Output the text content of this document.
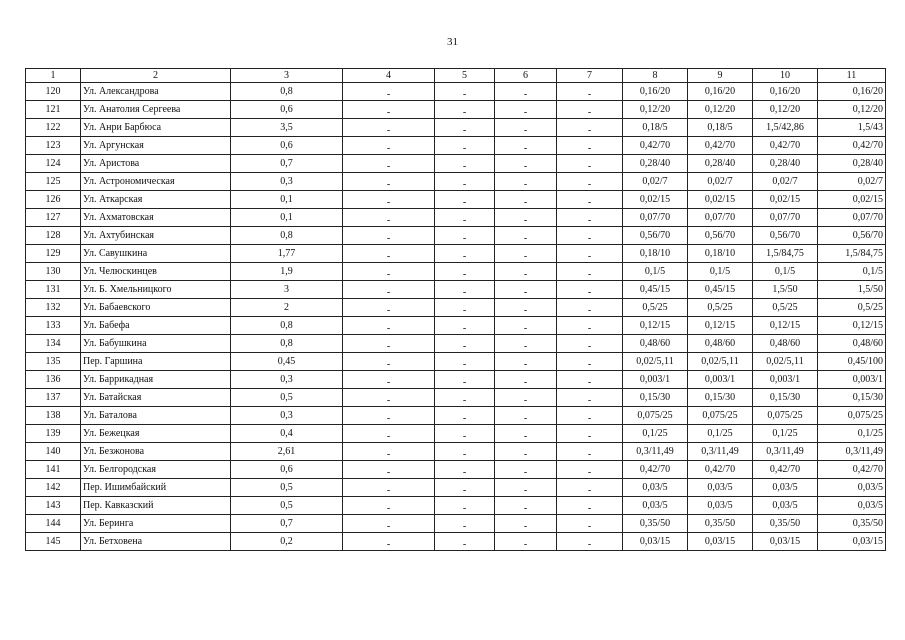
31
1	2	3	4	5	6	7	8	9	10	11
120	Ул. Александрова	0,8	-	-	-	-	0,16/20	0,16/20	0,16/20	0,16/20
121	Ул. Анатолия Сергеева	0,6	-	-	-	-	0,12/20	0,12/20	0,12/20	0,12/20
122	Ул. Анри Барбюса	3,5	-	-	-	-	0,18/5	0,18/5	1,5/42,86	1,5/43
123	Ул. Аргунская	0,6	-	-	-	-	0,42/70	0,42/70	0,42/70	0,42/70
124	Ул. Аристова	0,7	-	-	-	-	0,28/40	0,28/40	0,28/40	0,28/40
125	Ул. Астрономическая	0,3	-	-	-	-	0,02/7	0,02/7	0,02/7	0,02/7
126	Ул. Аткарская	0,1	-	-	-	-	0,02/15	0,02/15	0,02/15	0,02/15
127	Ул. Ахматовская	0,1	-	-	-	-	0,07/70	0,07/70	0,07/70	0,07/70
128	Ул. Ахтубинская	0,8	-	-	-	-	0,56/70	0,56/70	0,56/70	0,56/70
129	Ул. Савушкина	1,77	-	-	-	-	0,18/10	0,18/10	1,5/84,75	1,5/84,75
130	Ул. Челюскинцев	1,9	-	-	-	-	0,1/5	0,1/5	0,1/5	0,1/5
131	Ул. Б. Хмельницкого	3	-	-	-	-	0,45/15	0,45/15	1,5/50	1,5/50
132	Ул. Бабаевского	2	-	-	-	-	0,5/25	0,5/25	0,5/25	0,5/25
133	Ул. Бабефа	0,8	-	-	-	-	0,12/15	0,12/15	0,12/15	0,12/15
134	Ул. Бабушкина	0,8	-	-	-	-	0,48/60	0,48/60	0,48/60	0,48/60
135	Пер. Гаршина	0,45	-	-	-	-	0,02/5,11	0,02/5,11	0,02/5,11	0,45/100
136	Ул. Баррикадная	0,3	-	-	-	-	0,003/1	0,003/1	0,003/1	0,003/1
137	Ул. Батайская	0,5	-	-	-	-	0,15/30	0,15/30	0,15/30	0,15/30
138	Ул. Баталова	0,3	-	-	-	-	0,075/25	0,075/25	0,075/25	0,075/25
139	Ул. Бежецкая	0,4	-	-	-	-	0,1/25	0,1/25	0,1/25	0,1/25
140	Ул. Безжонова	2,61	-	-	-	-	0,3/11,49	0,3/11,49	0,3/11,49	0,3/11,49
141	Ул. Белгородская	0,6	-	-	-	-	0,42/70	0,42/70	0,42/70	0,42/70
142	Пер. Ишимбайский	0,5	-	-	-	-	0,03/5	0,03/5	0,03/5	0,03/5
143	Пер. Кавказский	0,5	-	-	-	-	0,03/5	0,03/5	0,03/5	0,03/5
144	Ул. Беринга	0,7	-	-	-	-	0,35/50	0,35/50	0,35/50	0,35/50
145	Ул. Бетховена	0,2	-	-	-	-	0,03/15	0,03/15	0,03/15	0,03/15
